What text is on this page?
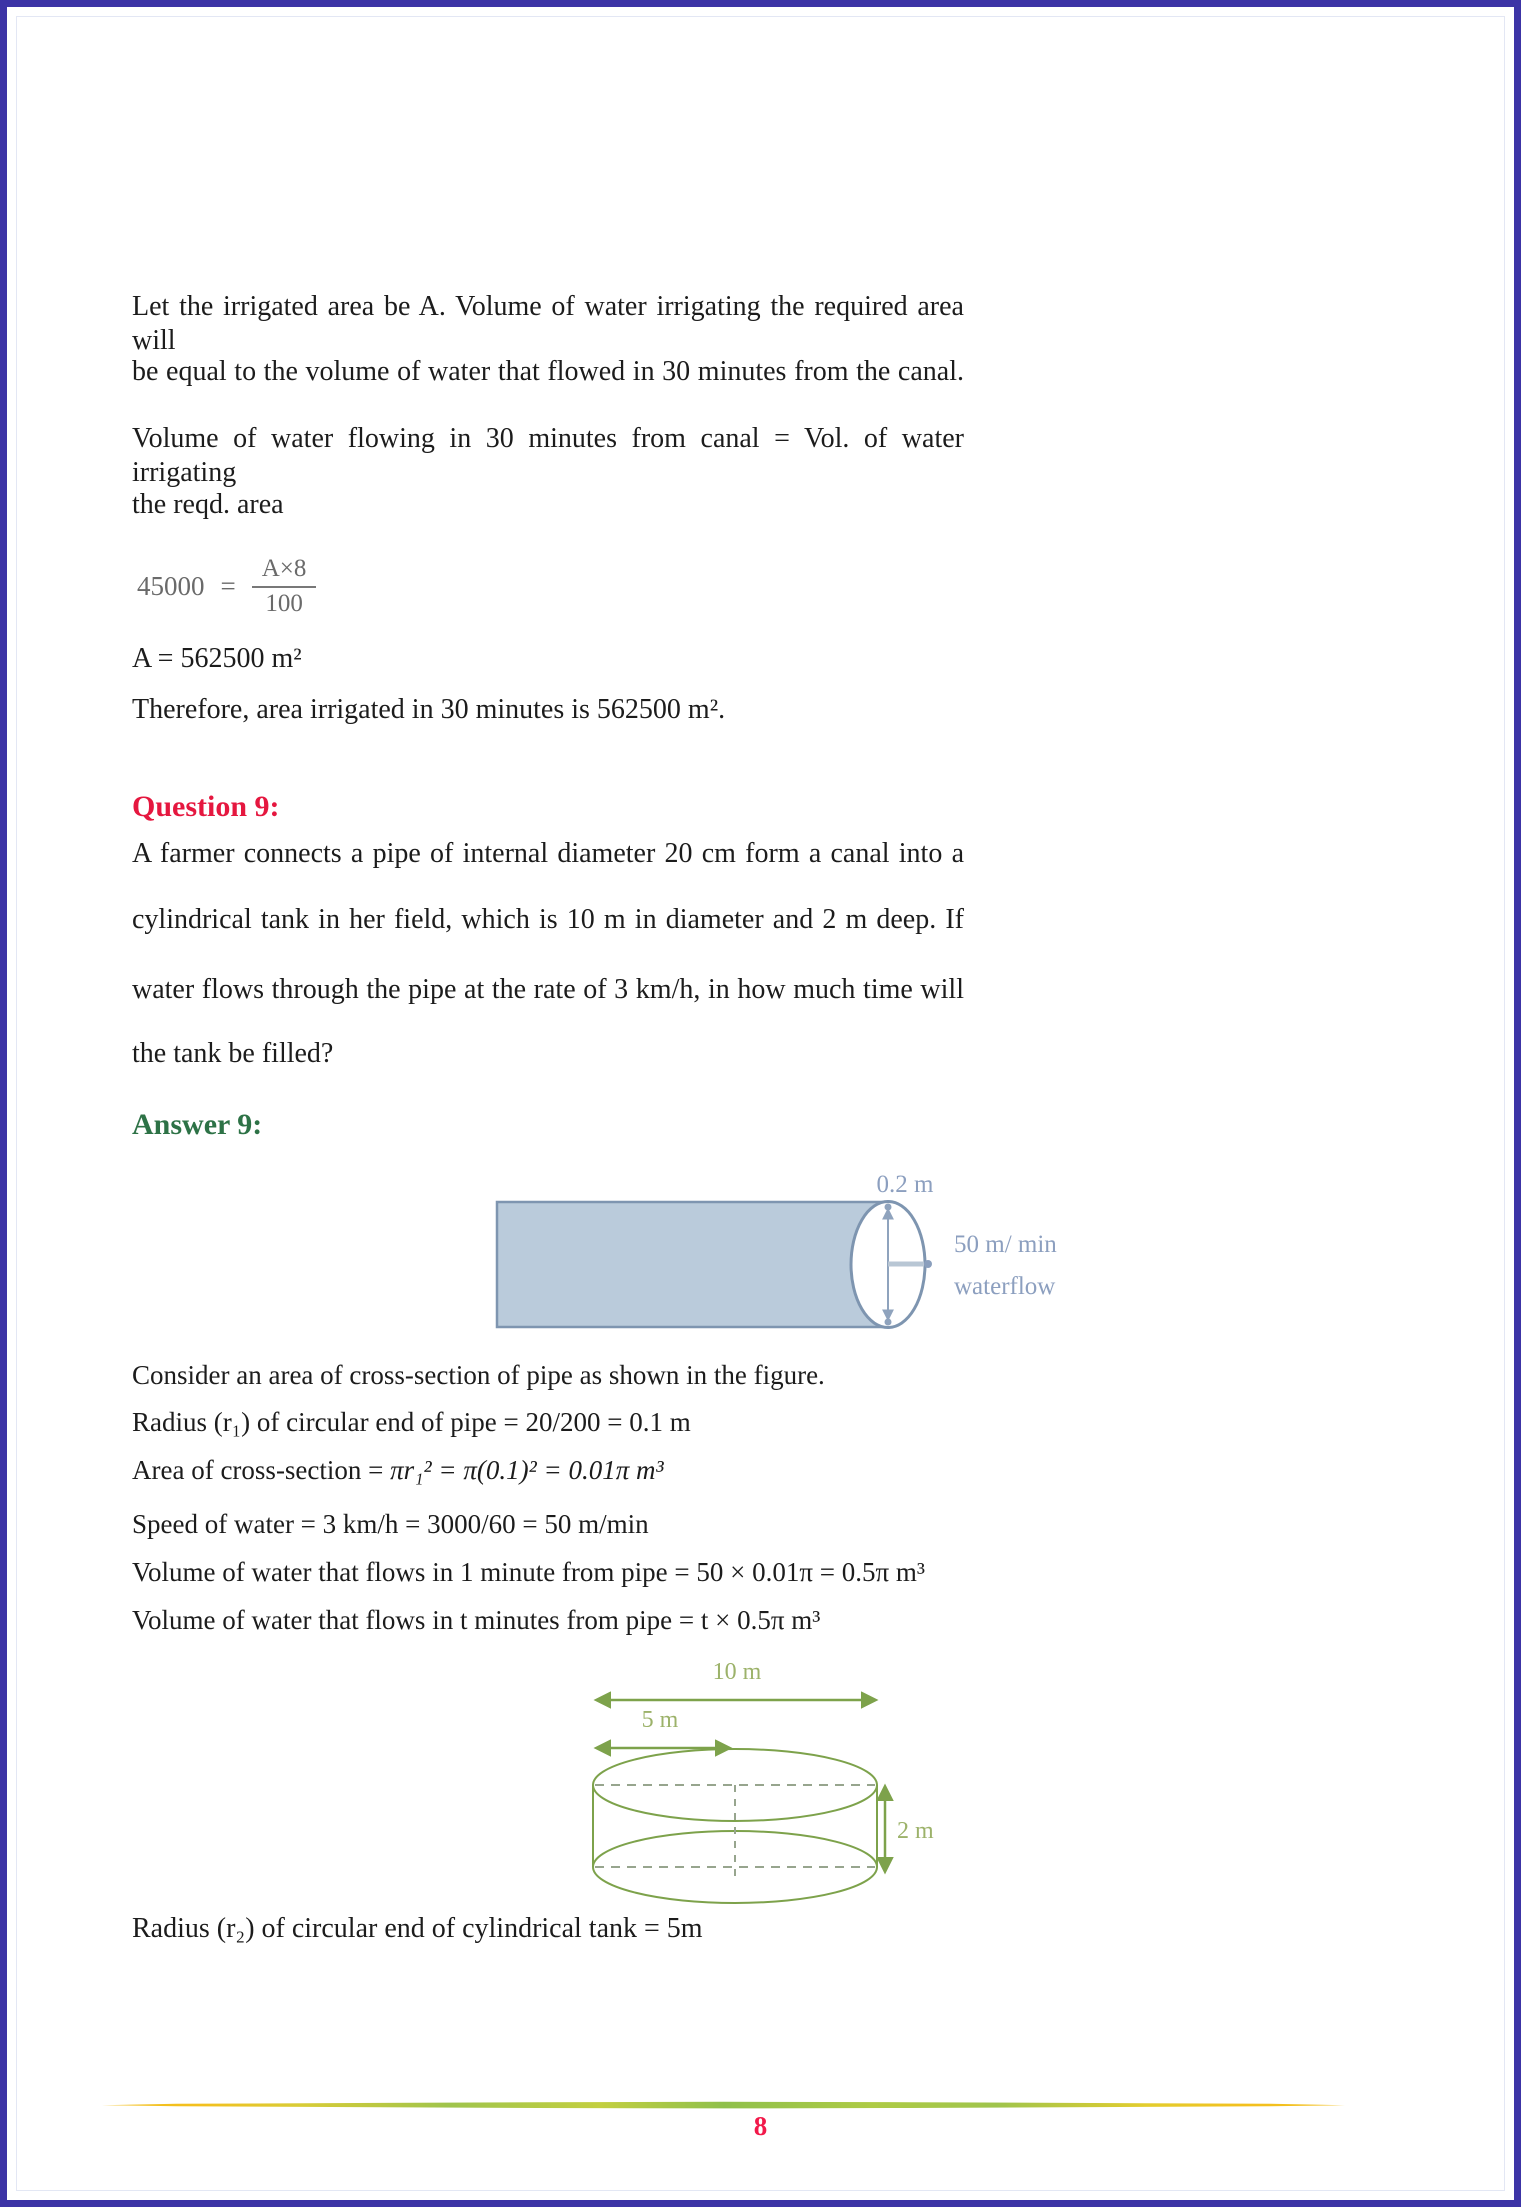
Let the irrigated area be A. Volume of water irrigating the required area will
be equal to the volume of water that flowed in 30 minutes from the canal.
Volume of water flowing in 30 minutes from canal = Vol. of water irrigating
the reqd. area
$45000 = \frac{A\times 8}{100}$
A = 562500 m²
Therefore, area irrigated in 30 minutes is 562500 m².
Question 9:
A farmer connects a pipe of internal diameter 20 cm form a canal into a
cylindrical tank in her field, which is 10 m in diameter and 2 m deep. If
water flows through the pipe at the rate of 3 km/h, in how much time will
the tank be filled?
Answer 9:
0.2 m
50 m/ min
waterflow
Consider an area of cross-section of pipe as shown in the figure.
Radius (r₁) of circular end of pipe = 20/200 = 0.1 m
Area of cross-section = πr₁² = π(0.1)² = 0.01π m³
Speed of water = 3 km/h = 3000/60 = 50 m/min
Volume of water that flows in 1 minute from pipe = 50 × 0.01π = 0.5π m³
Volume of water that flows in t minutes from pipe = t × 0.5π m³
10 m
5 m
2 m
Radius (r₂) of circular end of cylindrical tank = 5m
8
